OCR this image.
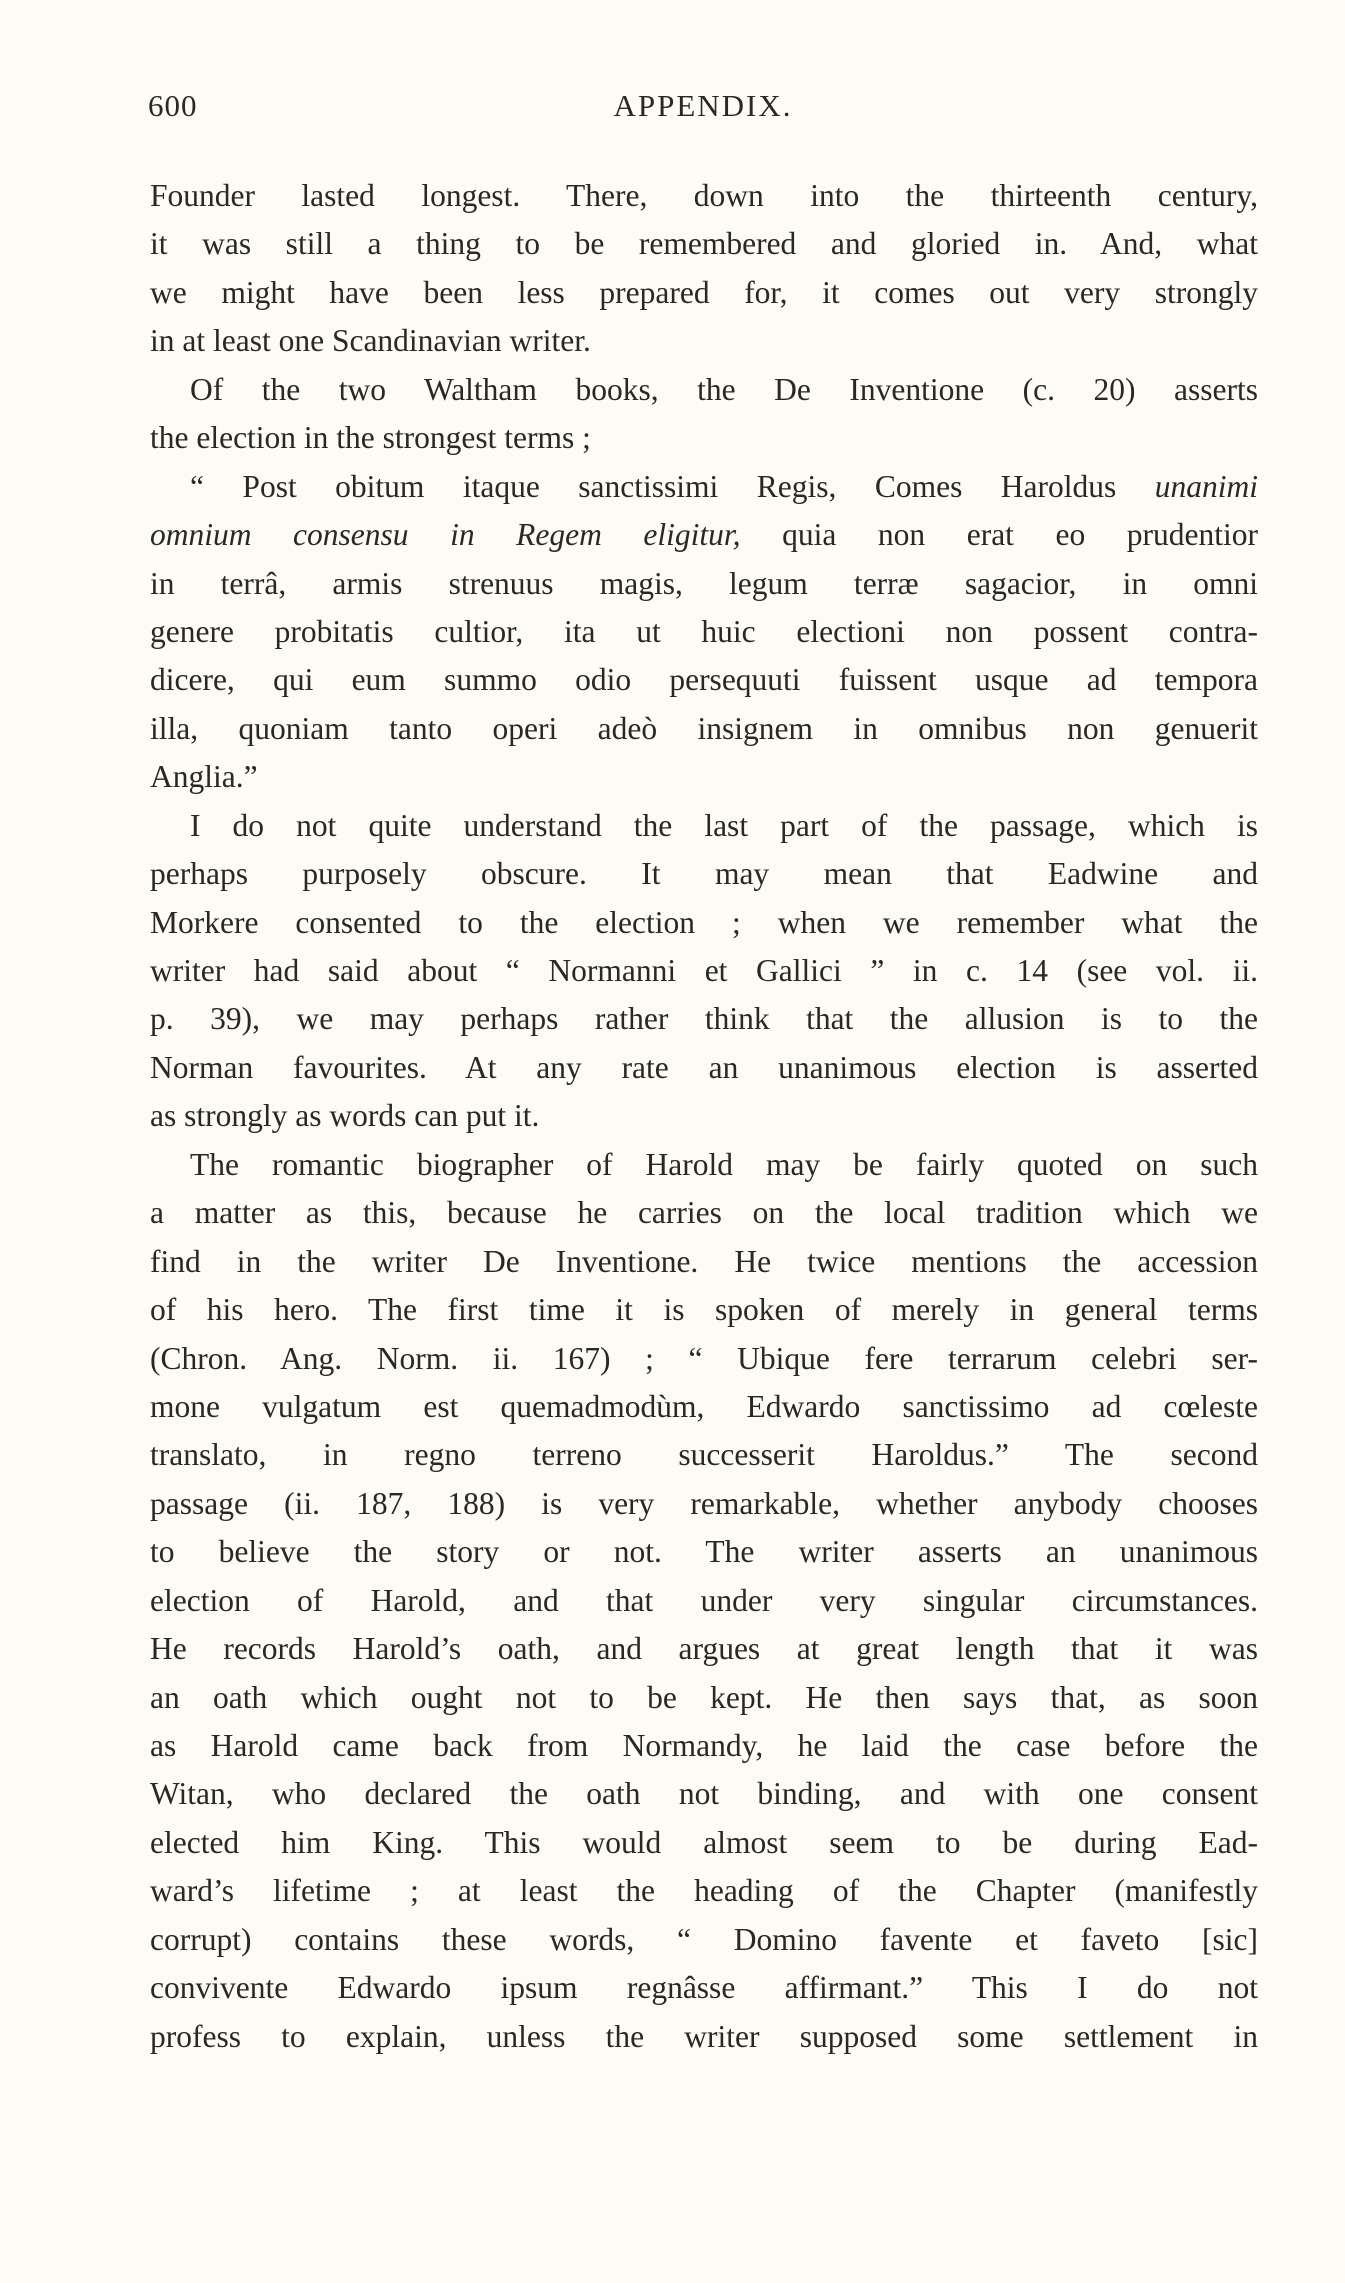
600	APPENDIX.
Founder lasted longest. There, down into the thirteenth century,
it was still a thing to be remembered and gloried in. And, what
we might have been less prepared for, it comes out very strongly
in at least one Scandinavian writer.
Of the two Waltham books, the De Inventione (c. 20) asserts
the election in the strongest terms ;
“ Post obitum itaque sanctissimi Regis, Comes Haroldus unanimi
omnium consensu in Regem eligitur, quia non erat eo prudentior
in terrâ, armis strenuus magis, legum terræ sagacior, in omni
genere probitatis cultior, ita ut huic electioni non possent contra-
dicere, qui eum summo odio persequuti fuissent usque ad tempora
illa, quoniam tanto operi adeò insignem in omnibus non genuerit
Anglia.”
I do not quite understand the last part of the passage, which is
perhaps purposely obscure. It may mean that Eadwine and
Morkere consented to the election ; when we remember what the
writer had said about “ Normanni et Gallici ” in c. 14 (see vol. ii.
p. 39), we may perhaps rather think that the allusion is to the
Norman favourites. At any rate an unanimous election is asserted
as strongly as words can put it.
The romantic biographer of Harold may be fairly quoted on such
a matter as this, because he carries on the local tradition which we
find in the writer De Inventione. He twice mentions the accession
of his hero. The first time it is spoken of merely in general terms
(Chron. Ang. Norm. ii. 167) ; “ Ubique fere terrarum celebri ser-
mone vulgatum est quemadmodùm, Edwardo sanctissimo ad cœleste
translato, in regno terreno successerit Haroldus.” The second
passage (ii. 187, 188) is very remarkable, whether anybody chooses
to believe the story or not. The writer asserts an unanimous
election of Harold, and that under very singular circumstances.
He records Harold’s oath, and argues at great length that it was
an oath which ought not to be kept. He then says that, as soon
as Harold came back from Normandy, he laid the case before the
Witan, who declared the oath not binding, and with one consent
elected him King. This would almost seem to be during Ead-
ward’s lifetime ; at least the heading of the Chapter (manifestly
corrupt) contains these words, “ Domino favente et faveto [sic]
convivente Edwardo ipsum regnâsse affirmant.” This I do not
profess to explain, unless the writer supposed some settlement in
